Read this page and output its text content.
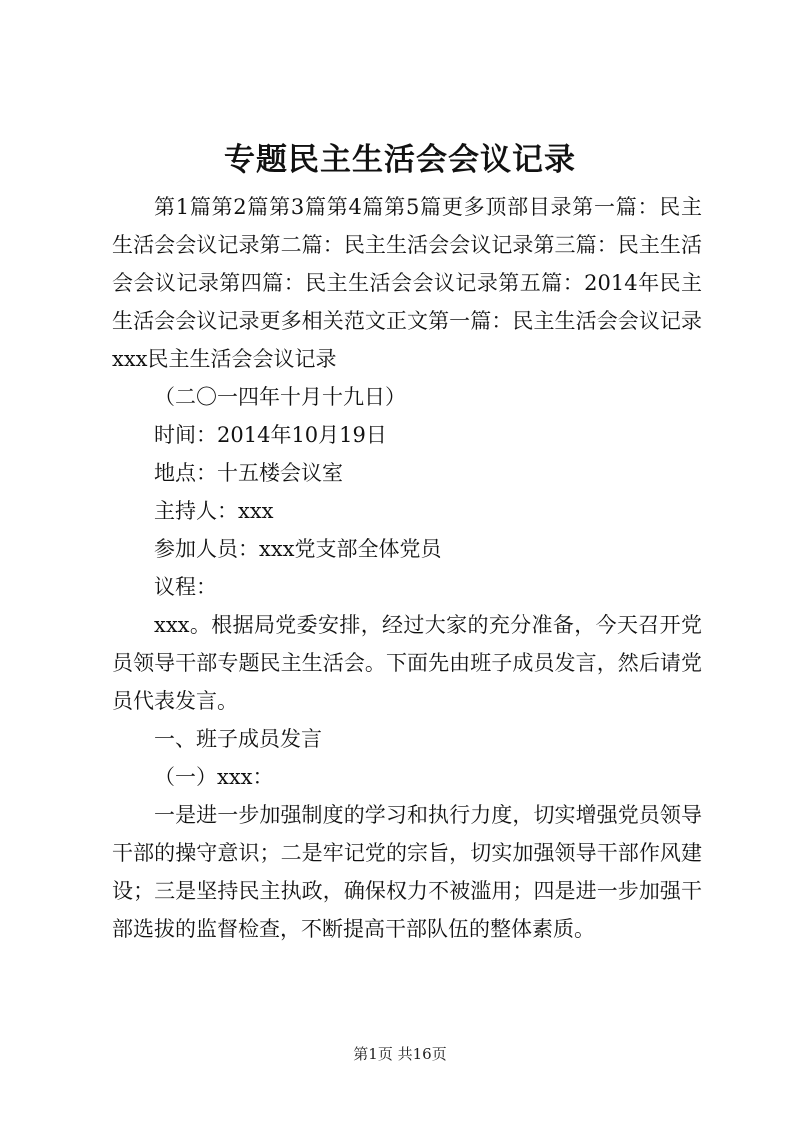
专题民主生活会会议记录

第1篇第2篇第3篇第4篇第5篇更多顶部目录第一篇：民主生活会会议记录第二篇：民主生活会会议记录第三篇：民主生活会会议记录第四篇：民主生活会会议记录第五篇：2014年民主生活会会议记录更多相关范文正文第一篇：民主生活会会议记录xxx民主生活会会议记录

（二〇一四年十月十九日）

时间：2014年10月19日

地点：十五楼会议室

主持人：xxx

参加人员：xxx党支部全体党员

议程：

xxx。根据局党委安排，经过大家的充分准备，今天召开党员领导干部专题民主生活会。下面先由班子成员发言，然后请党员代表发言。

一、班子成员发言

（一）xxx：

一是进一步加强制度的学习和执行力度，切实增强党员领导干部的操守意识；二是牢记党的宗旨，切实加强领导干部作风建设；三是坚持民主执政，确保权力不被滥用；四是进一步加强干部选拔的监督检查，不断提高干部队伍的整体素质。

第1页 共16页
